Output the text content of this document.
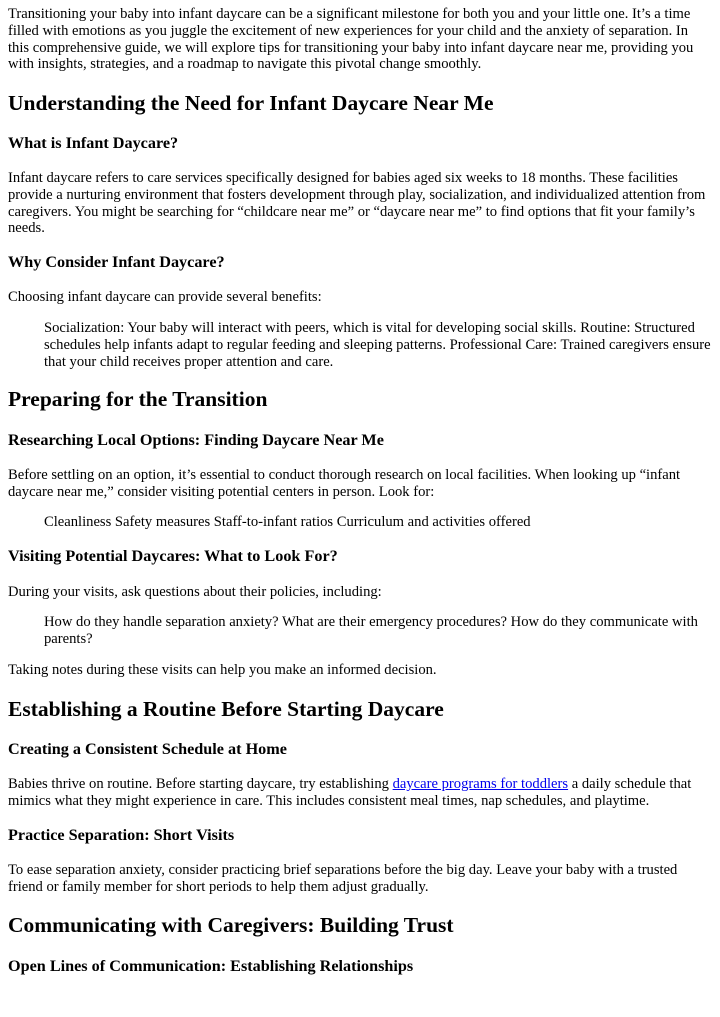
Transitioning your baby into infant daycare can be a significant milestone for both you and your little one. It’s a time filled with emotions as you juggle the excitement of new experiences for your child and the anxiety of separation. In this comprehensive guide, we will explore tips for transitioning your baby into infant daycare near me, providing you with insights, strategies, and a roadmap to navigate this pivotal change smoothly.

Understanding the Need for Infant Daycare Near Me
What is Infant Daycare?

Infant daycare refers to care services specifically designed for babies aged six weeks to 18 months. These facilities provide a nurturing environment that fosters development through play, socialization, and individualized attention from caregivers. You might be searching for “childcare near me” or “daycare near me” to find options that fit your family’s needs.

Why Consider Infant Daycare?

Choosing infant daycare can provide several benefits:

Socialization: Your baby will interact with peers, which is vital for developing social skills. Routine: Structured schedules help infants adapt to regular feeding and sleeping patterns. Professional Care: Trained caregivers ensure that your child receives proper attention and care.

Preparing for the Transition
Researching Local Options: Finding Daycare Near Me

Before settling on an option, it’s essential to conduct thorough research on local facilities. When looking up “infant daycare near me,” consider visiting potential centers in person. Look for:

Cleanliness Safety measures Staff-to-infant ratios Curriculum and activities offered

Visiting Potential Daycares: What to Look For?

During your visits, ask questions about their policies, including:

How do they handle separation anxiety? What are their emergency procedures? How do they communicate with parents?

Taking notes during these visits can help you make an informed decision.

Establishing a Routine Before Starting Daycare
Creating a Consistent Schedule at Home

Babies thrive on routine. Before starting daycare, try establishing daycare programs for toddlers a daily schedule that mimics what they might experience in care. This includes consistent meal times, nap schedules, and playtime.

Practice Separation: Short Visits

To ease separation anxiety, consider practicing brief separations before the big day. Leave your baby with a trusted friend or family member for short periods to help them adjust gradually.

Communicating with Caregivers: Building Trust
Open Lines of Communication: Establishing Relationships
